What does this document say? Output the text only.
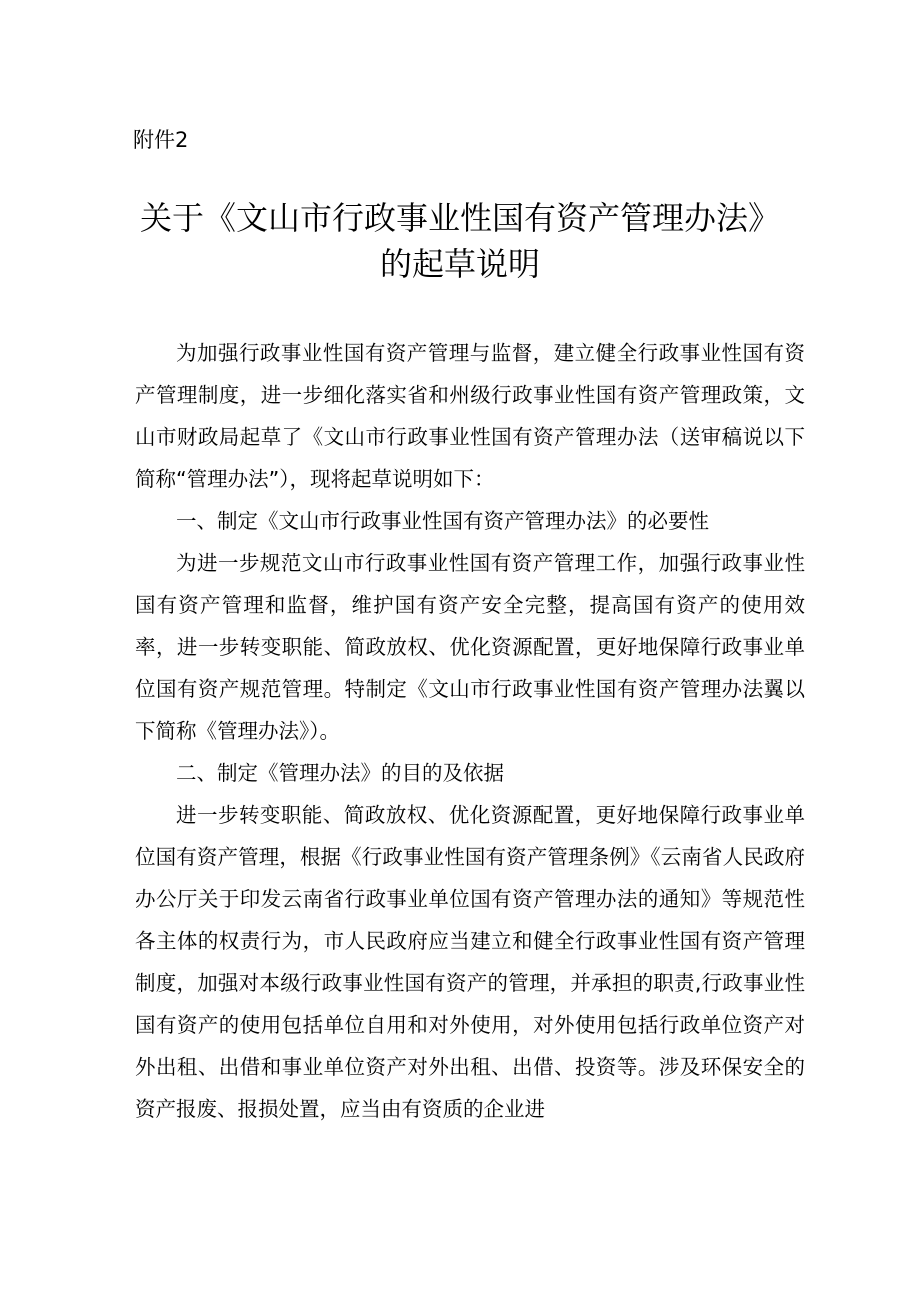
附件2

关于《文山市行政事业性国有资产管理办法》
的起草说明

为加强行政事业性国有资产管理与监督，建立健全行政事业性国有资产管理制度，进一步细化落实省和州级行政事业性国有资产管理政策，文山市财政局起草了《文山市行政事业性国有资产管理办法（送审稿说以下简称“管理办法”），现将起草说明如下：

一、制定《文山市行政事业性国有资产管理办法》的必要性

为进一步规范文山市行政事业性国有资产管理工作，加强行政事业性国有资产管理和监督，维护国有资产安全完整，提高国有资产的使用效率，进一步转变职能、简政放权、优化资源配置，更好地保障行政事业单位国有资产规范管理。特制定《文山市行政事业性国有资产管理办法翼以下简称《管理办法》）。

二、制定《管理办法》的目的及依据

进一步转变职能、简政放权、优化资源配置，更好地保障行政事业单位国有资产管理，根据《行政事业性国有资产管理条例》《云南省人民政府办公厅关于印发云南省行政事业单位国有资产管理办法的通知》等规范性各主体的权责行为，市人民政府应当建立和健全行政事业性国有资产管理制度，加强对本级行政事业性国有资产的管理，并承担的职责,行政事业性国有资产的使用包括单位自用和对外使用，对外使用包括行政单位资产对外出租、出借和事业单位资产对外出租、出借、投资等。涉及环保安全的资产报废、报损处置，应当由有资质的企业进
